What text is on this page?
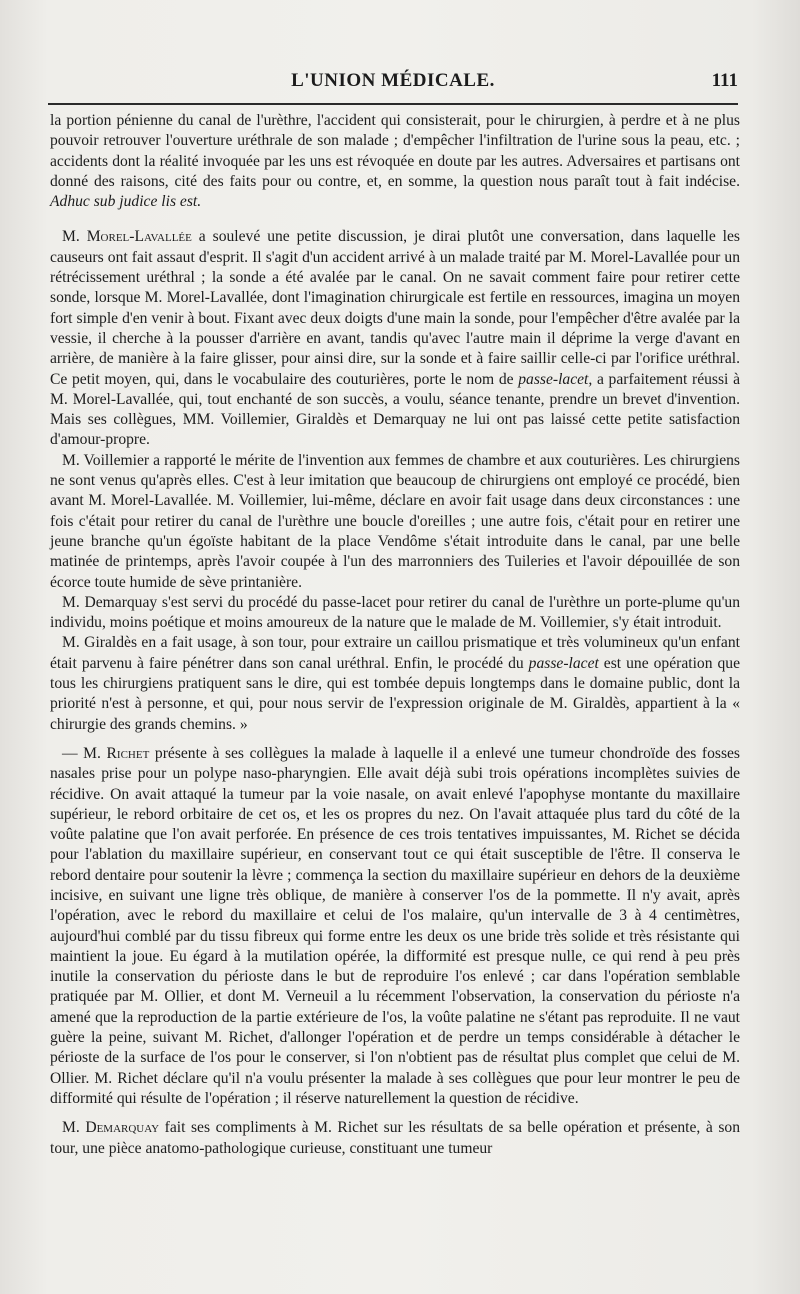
L'UNION MÉDICALE.	111

la portion pénienne du canal de l'urèthre, l'accident qui consisterait, pour le chirurgien, à perdre et à ne plus pouvoir retrouver l'ouverture uréthrale de son malade ; d'empêcher l'infiltration de l'urine sous la peau, etc. ; accidents dont la réalité invoquée par les uns est révoquée en doute par les autres. Adversaires et partisans ont donné des raisons, cité des faits pour ou contre, et, en somme, la question nous paraît tout à fait indécise. Adhuc sub judice lis est.

M. Morel-Lavallée a soulevé une petite discussion, je dirai plutôt une conversation, dans laquelle les causeurs ont fait assaut d'esprit. Il s'agit d'un accident arrivé à un malade traité par M. Morel-Lavallée pour un rétrécissement uréthral ; la sonde a été avalée par le canal. On ne savait comment faire pour retirer cette sonde, lorsque M. Morel-Lavallée, dont l'imagination chirurgicale est fertile en ressources, imagina un moyen fort simple d'en venir à bout. Fixant avec deux doigts d'une main la sonde, pour l'empêcher d'être avalée par la vessie, il cherche à la pousser d'arrière en avant, tandis qu'avec l'autre main il déprime la verge d'avant en arrière, de manière à la faire glisser, pour ainsi dire, sur la sonde et à faire saillir celle-ci par l'orifice uréthral. Ce petit moyen, qui, dans le vocabulaire des couturières, porte le nom de passe-lacet, a parfaitement réussi à M. Morel-Lavallée, qui, tout enchanté de son succès, a voulu, séance tenante, prendre un brevet d'invention. Mais ses collègues, MM. Voillemier, Giraldès et Demarquay ne lui ont pas laissé cette petite satisfaction d'amour-propre.

M. Voillemier a rapporté le mérite de l'invention aux femmes de chambre et aux couturières. Les chirurgiens ne sont venus qu'après elles. C'est à leur imitation que beaucoup de chirurgiens ont employé ce procédé, bien avant M. Morel-Lavallée. M. Voillemier, lui-même, déclare en avoir fait usage dans deux circonstances : une fois c'était pour retirer du canal de l'urèthre une boucle d'oreilles ; une autre fois, c'était pour en retirer une jeune branche qu'un égoïste habitant de la place Vendôme s'était introduite dans le canal, par une belle matinée de printemps, après l'avoir coupée à l'un des marronniers des Tuileries et l'avoir dépouillée de son écorce toute humide de sève printanière.

M. Demarquay s'est servi du procédé du passe-lacet pour retirer du canal de l'urèthre un porte-plume qu'un individu, moins poétique et moins amoureux de la nature que le malade de M. Voillemier, s'y était introduit.

M. Giraldès en a fait usage, à son tour, pour extraire un caillou prismatique et très volumineux qu'un enfant était parvenu à faire pénétrer dans son canal uréthral. Enfin, le procédé du passe-lacet est une opération que tous les chirurgiens pratiquent sans le dire, qui est tombée depuis longtemps dans le domaine public, dont la priorité n'est à personne, et qui, pour nous servir de l'expression originale de M. Giraldès, appartient à la « chirurgie des grands chemins. »

— M. Richet présente à ses collègues la malade à laquelle il a enlevé une tumeur chondroïde des fosses nasales prise pour un polype naso-pharyngien. Elle avait déjà subi trois opérations incomplètes suivies de récidive. On avait attaqué la tumeur par la voie nasale, on avait enlevé l'apophyse montante du maxillaire supérieur, le rebord orbitaire de cet os, et les os propres du nez. On l'avait attaquée plus tard du côté de la voûte palatine que l'on avait perforée. En présence de ces trois tentatives impuissantes, M. Richet se décida pour l'ablation du maxillaire supérieur, en conservant tout ce qui était susceptible de l'être. Il conserva le rebord dentaire pour soutenir la lèvre ; commença la section du maxillaire supérieur en dehors de la deuxième incisive, en suivant une ligne très oblique, de manière à conserver l'os de la pommette. Il n'y avait, après l'opération, avec le rebord du maxillaire et celui de l'os malaire, qu'un intervalle de 3 à 4 centimètres, aujourd'hui comblé par du tissu fibreux qui forme entre les deux os une bride très solide et très résistante qui maintient la joue. Eu égard à la mutilation opérée, la difformité est presque nulle, ce qui rend à peu près inutile la conservation du périoste dans le but de reproduire l'os enlevé ; car dans l'opération semblable pratiquée par M. Ollier, et dont M. Verneuil a lu récemment l'observation, la conservation du périoste n'a amené que la reproduction de la partie extérieure de l'os, la voûte palatine ne s'étant pas reproduite. Il ne vaut guère la peine, suivant M. Richet, d'allonger l'opération et de perdre un temps considérable à détacher le périoste de la surface de l'os pour le conserver, si l'on n'obtient pas de résultat plus complet que celui de M. Ollier. M. Richet déclare qu'il n'a voulu présenter la malade à ses collègues que pour leur montrer le peu de difformité qui résulte de l'opération ; il réserve naturellement la question de récidive.

M. Demarquay fait ses compliments à M. Richet sur les résultats de sa belle opération et présente, à son tour, une pièce anatomo-pathologique curieuse, constituant une tumeur
